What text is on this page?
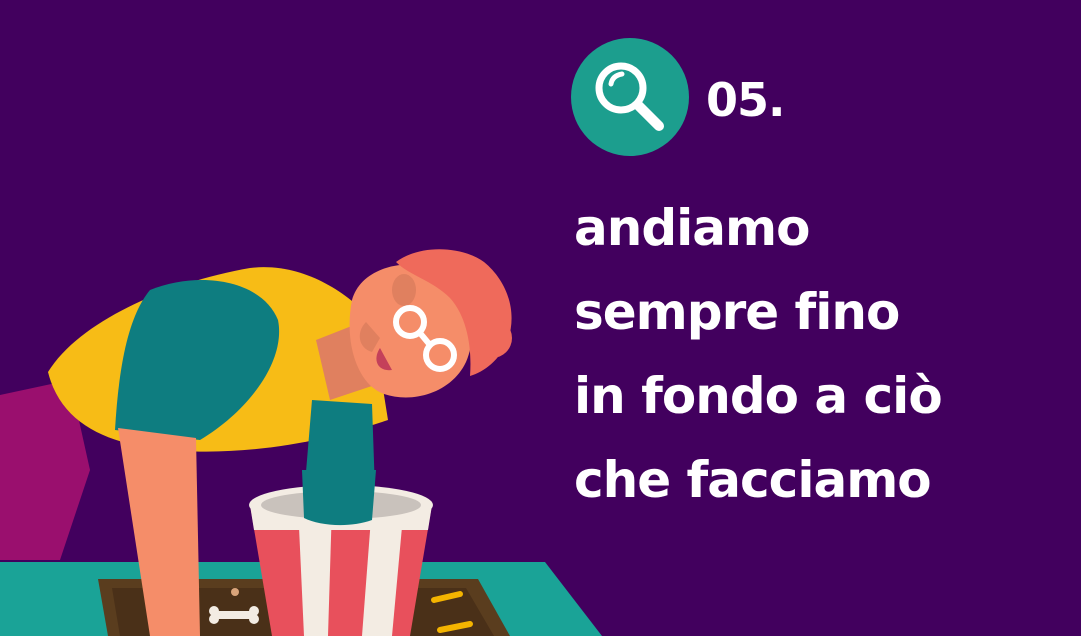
05.
andiamo
sempre fino
in fondo a ciò
che facciamo
